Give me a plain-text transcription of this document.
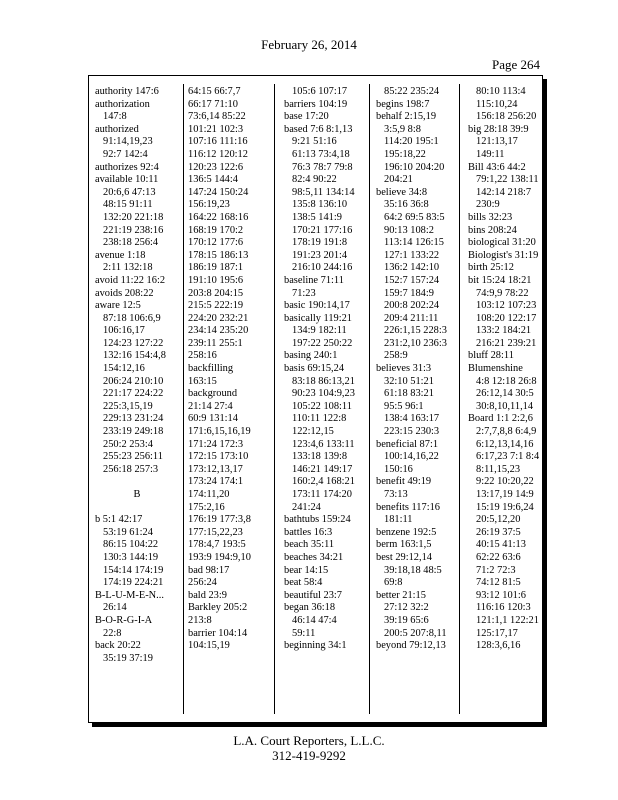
February 26, 2014
Page 264
authority 147:6
authorization
147:8
authorized
91:14,19,23
92:7 142:4
authorizes 92:4
available 10:11
20:6,6 47:13
48:15 91:11
132:20 221:18
221:19 238:16
238:18 256:4
avenue 1:18
2:11 132:18
avoid 11:22 16:2
avoids 208:22
aware 12:5
87:18 106:6,9
106:16,17
124:23 127:22
132:16 154:4,8
154:12,16
206:24 210:10
221:17 224:22
225:3,15,19
229:13 231:24
233:19 249:18
250:2 253:4
255:23 256:11
256:18 257:3
B
b 5:1 42:17
53:19 61:24
86:15 104:22
130:3 144:19
154:14 174:19
174:19 224:21
B-L-U-M-E-N...
26:14
B-O-R-G-I-A
22:8
back 20:22
35:19 37:19
64:15 66:7,7
66:17 71:10
73:6,14 85:22
101:21 102:3
107:16 111:16
116:12 120:12
120:23 122:6
136:5 144:4
147:24 150:24
156:19,23
164:22 168:16
168:19 170:2
170:12 177:6
178:15 186:13
186:19 187:1
191:10 195:6
203:8 204:15
215:5 222:19
224:20 232:21
234:14 235:20
239:11 255:1
258:16
backfilling
163:15
background
21:14 27:4
60:9 131:14
171:6,15,16,19
171:24 172:3
172:15 173:10
173:12,13,17
173:24 174:1
174:11,20
175:2,16
176:19 177:3,8
177:15,22,23
178:4,7 193:5
193:9 194:9,10
bad 98:17
256:24
bald 23:9
Barkley 205:2
213:8
barrier 104:14
104:15,19
105:6 107:17
barriers 104:19
base 17:20
based 7:6 8:1,13
9:21 51:16
61:13 73:4,18
76:3 78:7 79:8
82:4 90:22
98:5,11 134:14
135:8 136:10
138:5 141:9
170:21 177:16
178:19 191:8
191:23 201:4
216:10 244:16
baseline 71:11
71:23
basic 190:14,17
basically 119:21
134:9 182:11
197:22 250:22
basing 240:1
basis 69:15,24
83:18 86:13,21
90:23 104:9,23
105:22 108:11
110:11 122:8
122:12,15
123:4,6 133:11
133:18 139:8
146:21 149:17
160:2,4 168:21
173:11 174:20
241:24
bathtubs 159:24
battles 16:3
beach 35:11
beaches 34:21
bear 14:15
beat 58:4
beautiful 23:7
began 36:18
46:14 47:4
59:11
beginning 34:1
85:22 235:24
begins 198:7
behalf 2:15,19
3:5,9 8:8
114:20 195:1
195:18,22
196:10 204:20
204:21
believe 34:8
35:16 36:8
64:2 69:5 83:5
90:13 108:2
113:14 126:15
127:1 133:22
136:2 142:10
152:7 157:24
159:7 184:9
200:8 202:24
209:4 211:11
226:1,15 228:3
231:2,10 236:3
258:9
believes 31:3
32:10 51:21
61:18 83:21
95:5 96:1
138:4 163:17
223:15 230:3
beneficial 87:1
100:14,16,22
150:16
benefit 49:19
73:13
benefits 117:16
181:11
benzene 192:5
berm 163:1,5
best 29:12,14
39:18,18 48:5
69:8
better 21:15
27:12 32:2
39:19 65:6
200:5 207:8,11
beyond 79:12,13
80:10 113:4
115:10,24
156:18 256:20
big 28:18 39:9
121:13,17
149:11
Bill 43:6 44:2
79:1,22 138:11
142:14 218:7
230:9
bills 32:23
bins 208:24
biological 31:20
Biologist's 31:19
birth 25:12
bit 15:24 18:21
74:9,9 78:22
103:12 107:23
108:20 122:17
133:2 184:21
216:21 239:21
bluff 28:11
Blumenshine
4:8 12:18 26:8
26:12,14 30:5
30:8,10,11,14
Board 1:1 2:2,6
2:7,7,8,8 6:4,9
6:12,13,14,16
6:17,23 7:1 8:4
8:11,15,23
9:22 10:20,22
13:17,19 14:9
15:19 19:6,24
20:5,12,20
26:19 37:5
40:15 41:13
62:22 63:6
71:2 72:3
74:12 81:5
93:12 101:6
116:16 120:3
121:1,1 122:21
125:17,17
128:3,6,16
L.A. Court Reporters, L.L.C.
312-419-9292
